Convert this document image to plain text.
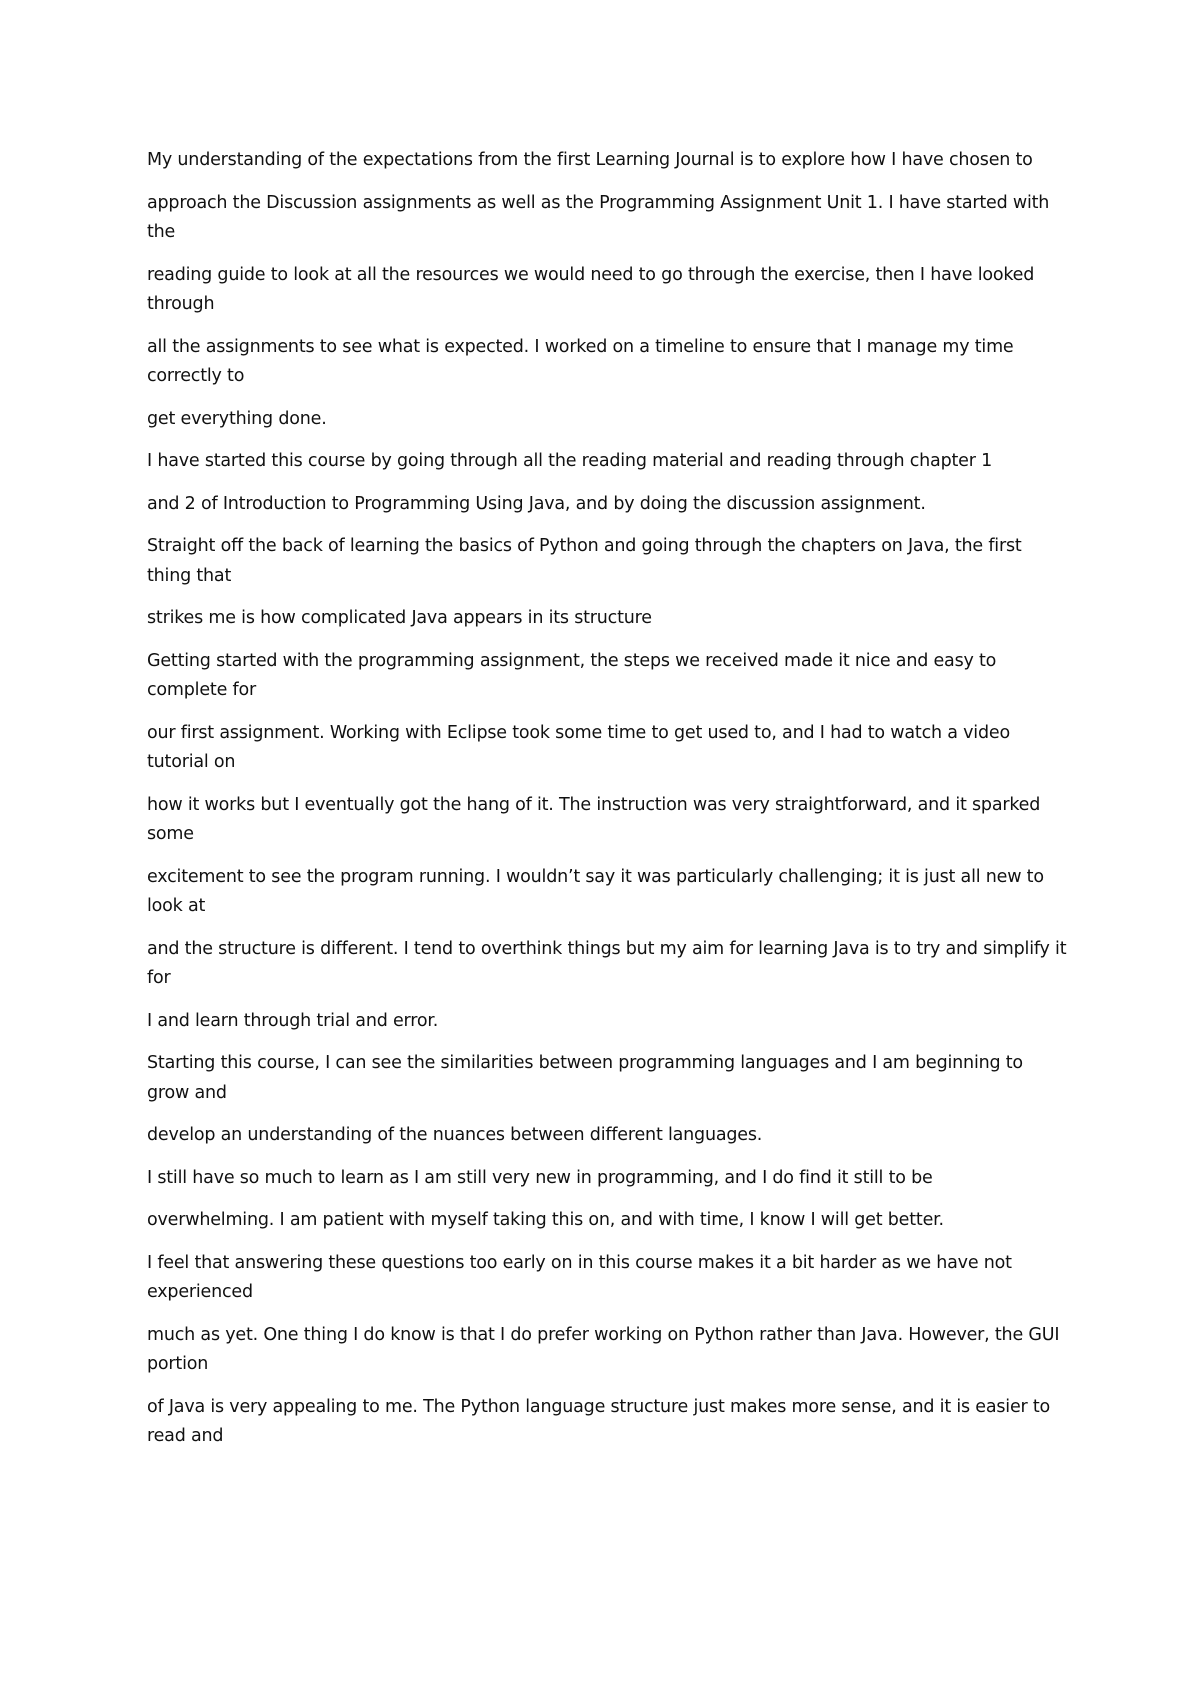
My understanding of the expectations from the first Learning Journal is to explore how I have chosen to

approach the Discussion assignments as well as the Programming Assignment Unit 1. I have started with the

reading guide to look at all the resources we would need to go through the exercise, then I have looked through

all the assignments to see what is expected. I worked on a timeline to ensure that I manage my time correctly to

get everything done.

I have started this course by going through all the reading material and reading through chapter 1

and 2 of Introduction to Programming Using Java, and by doing the discussion assignment.

Straight off the back of learning the basics of Python and going through the chapters on Java, the first thing that

strikes me is how complicated Java appears in its structure

Getting started with the programming assignment, the steps we received made it nice and easy to complete for

our first assignment. Working with Eclipse took some time to get used to, and I had to watch a video tutorial on

how it works but I eventually got the hang of it. The instruction was very straightforward, and it sparked some

excitement to see the program running. I wouldn’t say it was particularly challenging; it is just all new to look at

and the structure is different. I tend to overthink things but my aim for learning Java is to try and simplify it for

I and learn through trial and error.

Starting this course, I can see the similarities between programming languages and I am beginning to grow and

develop an understanding of the nuances between different languages.

I still have so much to learn as I am still very new in programming, and I do find it still to be

overwhelming. I am patient with myself taking this on, and with time, I know I will get better.

I feel that answering these questions too early on in this course makes it a bit harder as we have not experienced

much as yet. One thing I do know is that I do prefer working on Python rather than Java. However, the GUI portion

of Java is very appealing to me. The Python language structure just makes more sense, and it is easier to read and
